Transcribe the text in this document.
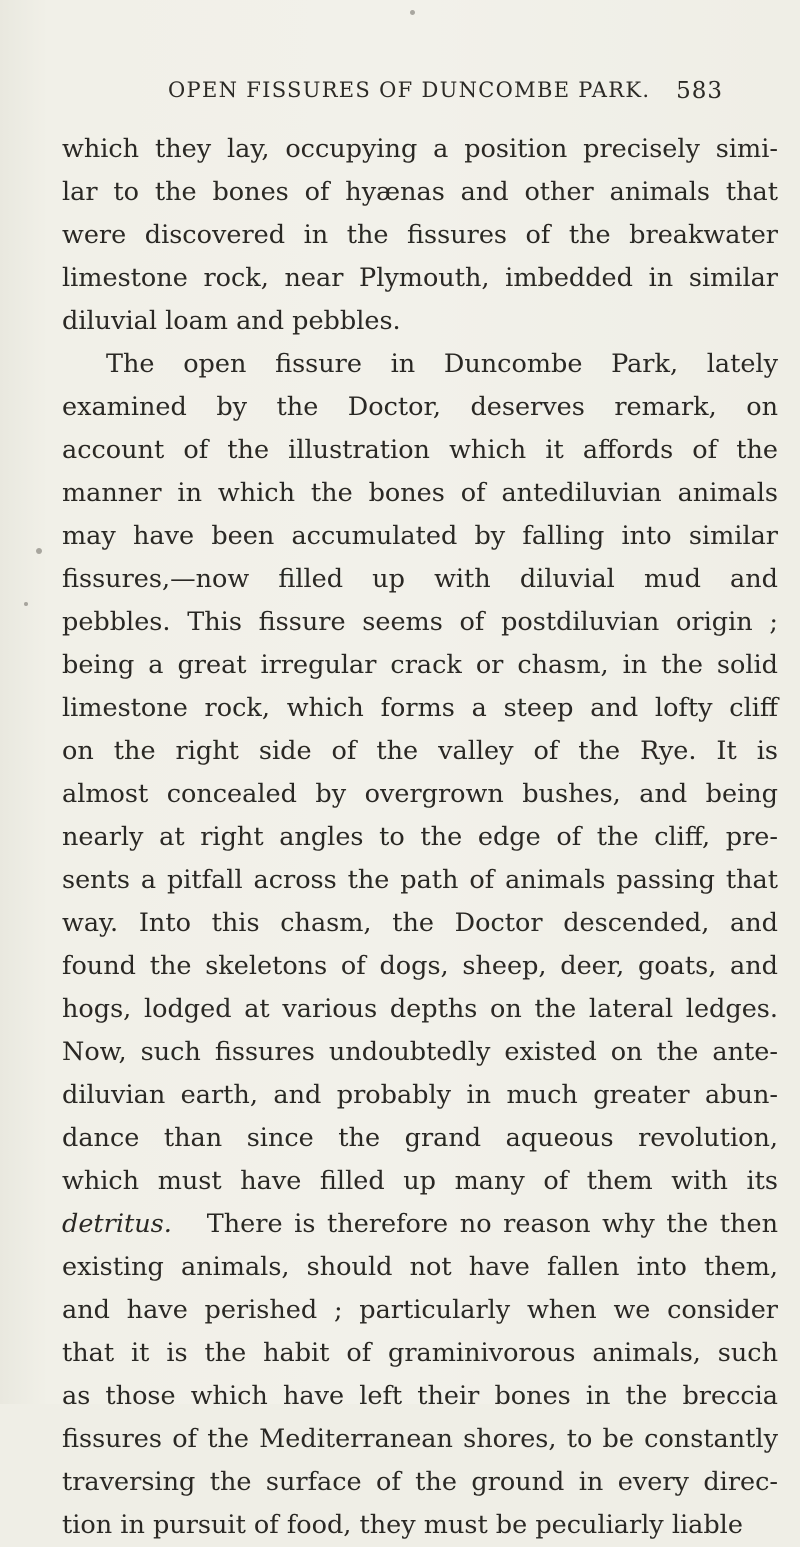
OPEN FISSURES OF DUNCOMBE PARK. 583
which they lay, occupying a position precisely simi-
lar to the bones of hyænas and other animals that
were discovered in the fissures of the breakwater
limestone rock, near Plymouth, imbedded in similar
diluvial loam and pebbles.
The open fissure in Duncombe Park, lately
examined by the Doctor, deserves remark, on
account of the illustration which it affords of the
manner in which the bones of antediluvian animals
may have been accumulated by falling into similar
fissures,—now filled up with diluvial mud and
pebbles. This fissure seems of postdiluvian origin ;
being a great irregular crack or chasm, in the solid
limestone rock, which forms a steep and lofty cliff
on the right side of the valley of the Rye. It is
almost concealed by overgrown bushes, and being
nearly at right angles to the edge of the cliff, pre-
sents a pitfall across the path of animals passing that
way. Into this chasm, the Doctor descended, and
found the skeletons of dogs, sheep, deer, goats, and
hogs, lodged at various depths on the lateral ledges.
Now, such fissures undoubtedly existed on the ante-
diluvian earth, and probably in much greater abun-
dance than since the grand aqueous revolution,
which must have filled up many of them with its
detritus. There is therefore no reason why the then
existing animals, should not have fallen into them,
and have perished ; particularly when we consider
that it is the habit of graminivorous animals, such
as those which have left their bones in the breccia
fissures of the Mediterranean shores, to be constantly
traversing the surface of the ground in every direc-
tion in pursuit of food, they must be peculiarly liable
